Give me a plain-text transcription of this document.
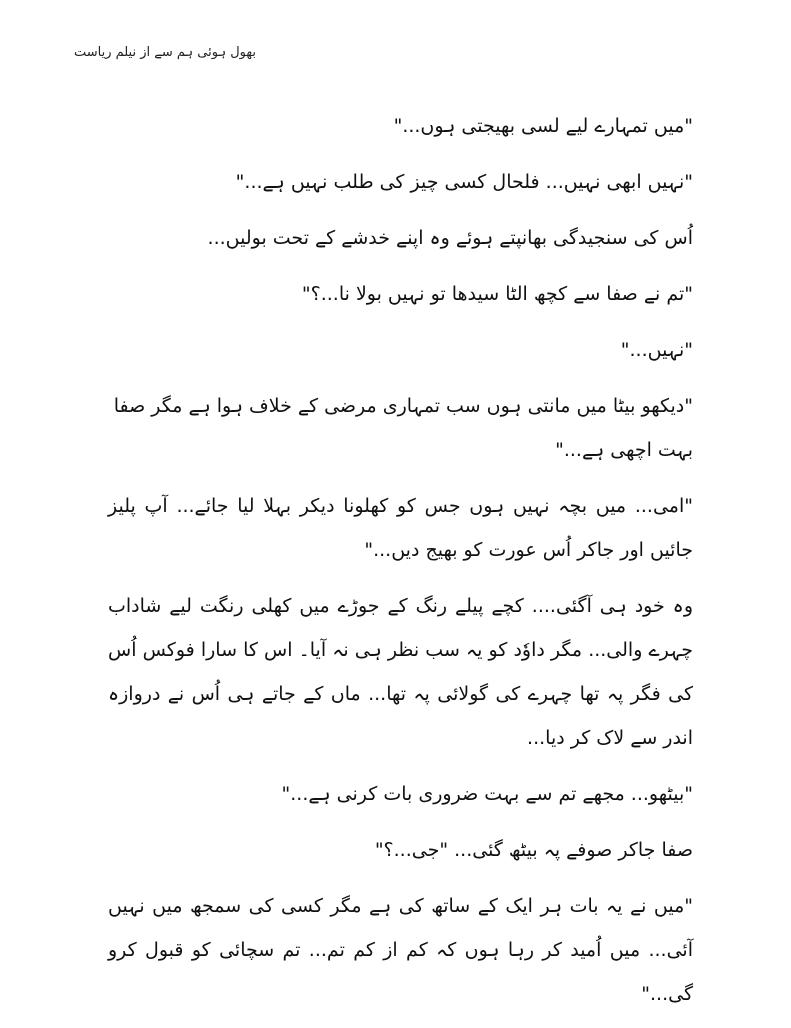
بھول ہوئی ہم سے از نیلم ریاست

"میں تمہارے لیے لسی بھیجتی ہوں..."

"نہیں ابھی نہیں... فلحال کسی چیز کی طلب نہیں ہے..."

اُس کی سنجیدگی بھانپتے ہوئے وہ اپنے خدشے کے تحت بولیں...

"تم نے صفا سے کچھ الٹا سیدھا تو نہیں بولا نا...؟"

"نہیں..."

"دیکھو بیٹا میں مانتی ہوں سب تمہاری مرضی کے خلاف ہوا ہے مگر صفا بہت اچھی ہے..."

"امی... میں بچہ نہیں ہوں جس کو کھلونا دیکر بہلا لیا جائے... آپ پلیز جائیں اور جاکر اُس عورت کو بھیج دیں..."

وہ خود ہی آگئی.... کچے پیلے رنگ کے جوڑے میں کھلی رنگت لیے شاداب چہرے والی... مگر داوٗد کو یہ سب نظر ہی نہ آیا۔ اس کا سارا فوکس اُس کی فگر پہ تھا چہرے کی گولائی پہ تھا... ماں کے جاتے ہی اُس نے دروازہ اندر سے لاک کر دیا...

"بیٹھو... مجھے تم سے بہت ضروری بات کرنی ہے..."

صفا جاکر صوفے پہ بیٹھ گئی... "جی...؟"

"میں نے یہ بات ہر ایک کے ساتھ کی ہے مگر کسی کی سمجھ میں نہیں آئی... میں اُمید کر رہا ہوں کہ کم از کم تم... تم سچائی کو قبول کرو گی..."
